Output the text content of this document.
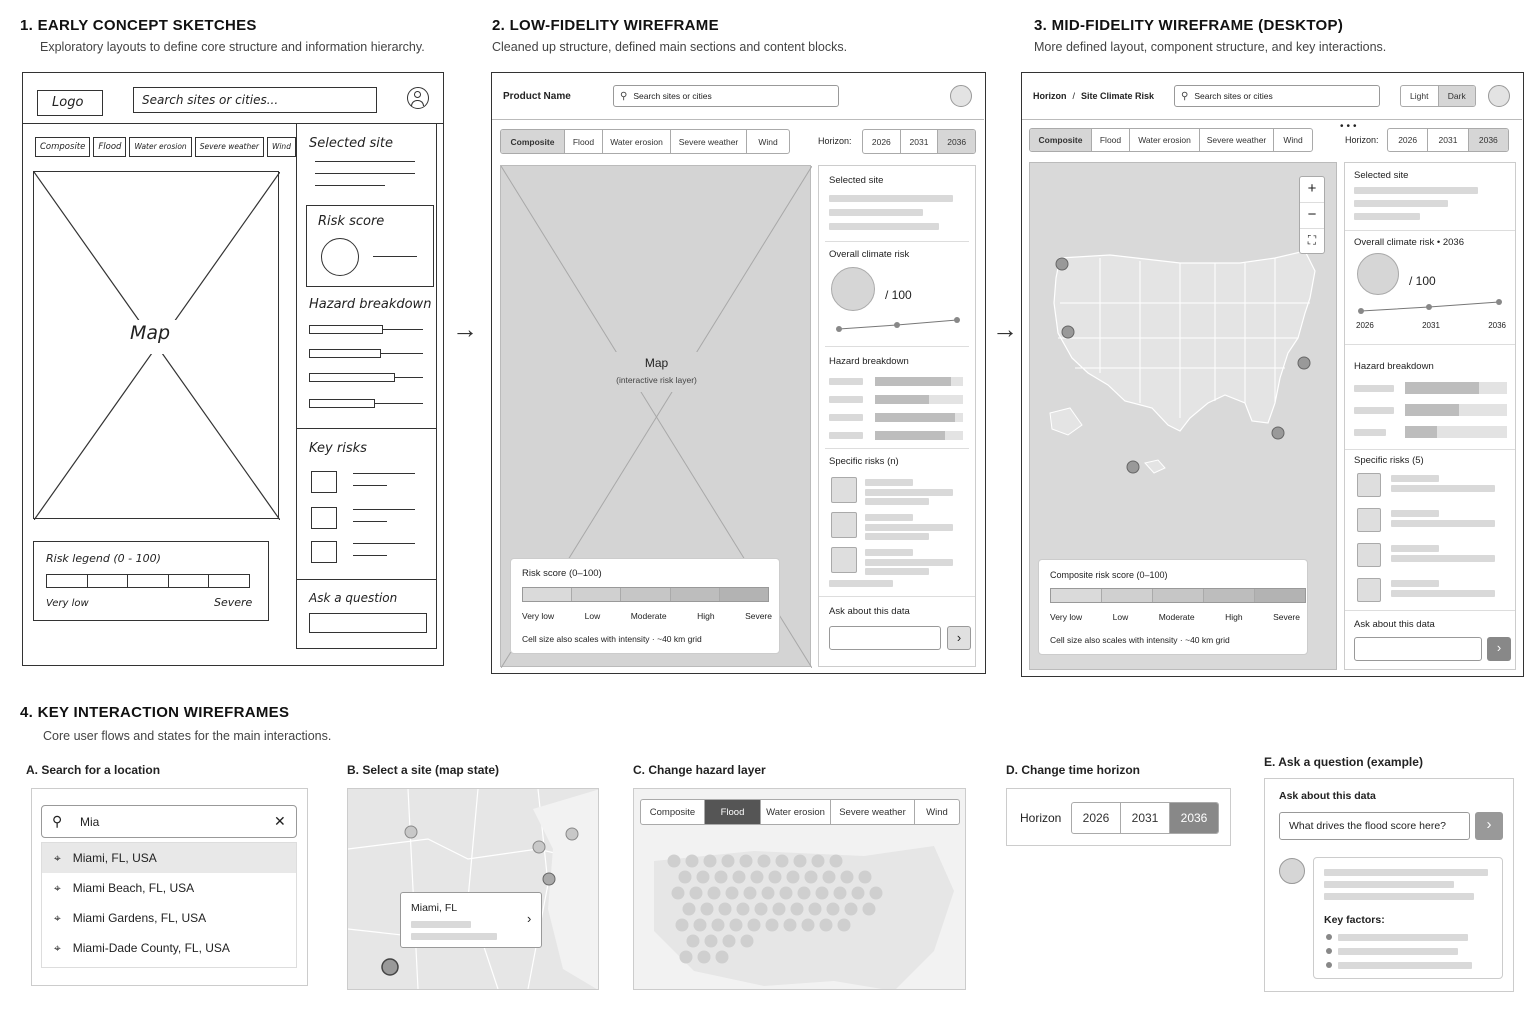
1. EARLY CONCEPT SKETCHES
Exploratory layouts to define core structure and information hierarchy.
Logo	Search sites or cities...
Composite	Flood	Water erosion	Severe weather	Wind
Map
Risk legend (0 - 100)
Very low	Severe
Selected site
Risk score
Hazard breakdown
Key risks
Ask a question
→	→
2. LOW-FIDELITY WIREFRAME
Cleaned up structure, defined main sections and content blocks.
Product Name	⚲ Search sites or cities
Composite	Flood	Water erosion	Severe weather	Wind	Horizon:	2026	2031	2036
Map
(interactive risk layer)
Risk score (0–100)
Very low	Low	Moderate	High	Severe
Cell size also scales with intensity · ~40 km grid
Selected site
Overall climate risk
/ 100
Hazard breakdown
Specific risks (n)
Ask about this data
›
3. MID-FIDELITY WIREFRAME (DESKTOP)
More defined layout, component structure, and key interactions.
Horizon / Site Climate Risk	⚲ Search sites or cities	Light	Dark
Composite	Flood	Water erosion	Severe weather	Wind
•••
Horizon:	2026	2031	2036
+
−
⛶
Composite risk score (0–100)
Very low	Low	Moderate	High	Severe
Cell size also scales with intensity · ~40 km grid
Selected site
Overall climate risk • 2036
/ 100
2026	2031	2036
Hazard breakdown
Specific risks (5)
Ask about this data
›
4. KEY INTERACTION WIREFRAMES
Core user flows and states for the main interactions.
A. Search for a location
⚲ Mia	✕
⌖ Miami, FL, USA
⌖ Miami Beach, FL, USA
⌖ Miami Gardens, FL, USA
⌖ Miami-Dade County, FL, USA
B. Select a site (map state)
Miami, FL
›
C. Change hazard layer
Composite	Flood	Water erosion	Severe weather	Wind
D. Change time horizon
Horizon	2026	2031	2036
E. Ask a question (example)
Ask about this data
What drives the flood score here?	›
Key factors:
